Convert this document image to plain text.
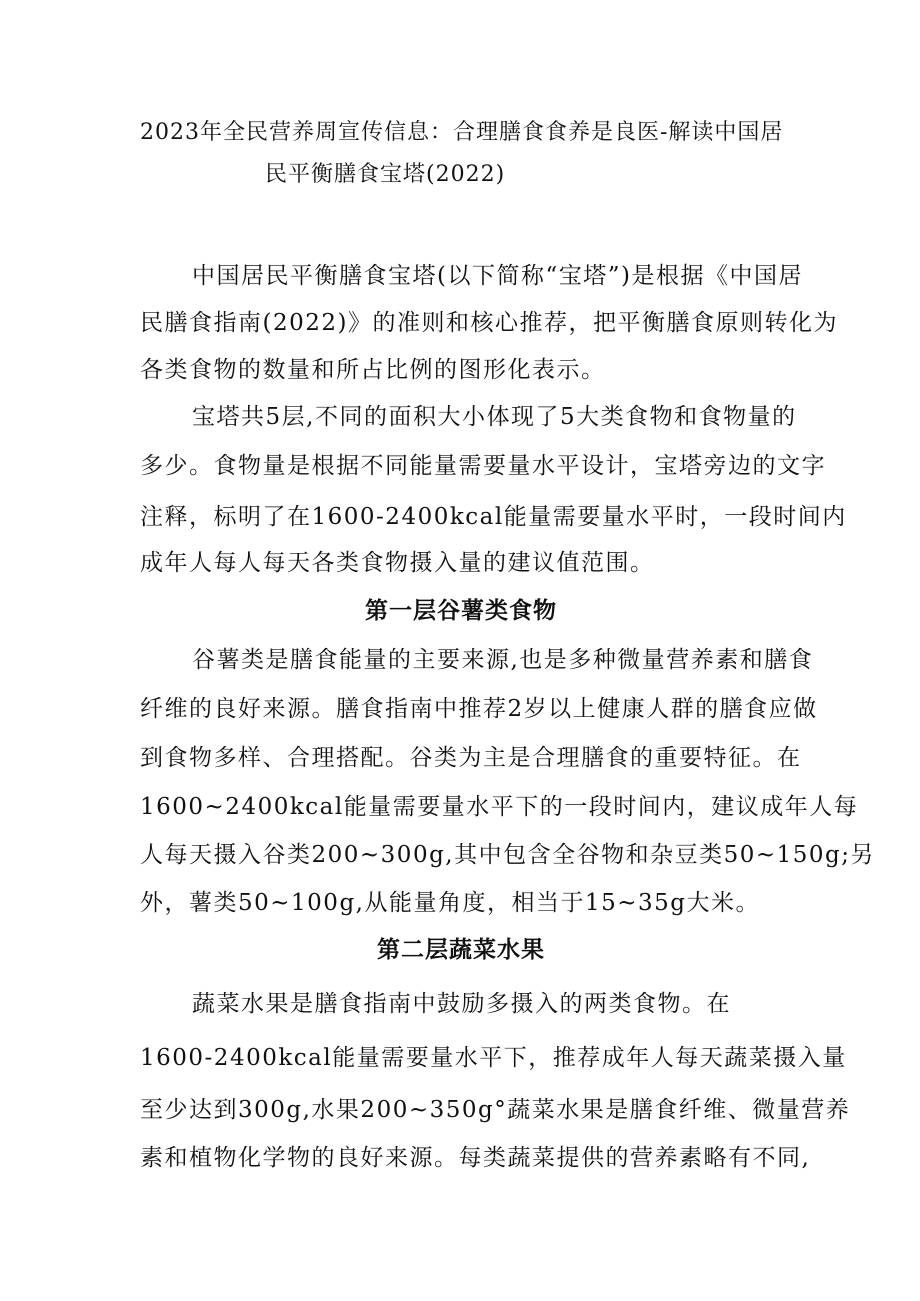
2023年全民营养周宣传信息：合理膳食食养是良医-解读中国居
民平衡膳食宝塔(2022)
中国居民平衡膳食宝塔(以下简称“宝塔”)是根据《中国居
民膳食指南(2022)》的准则和核心推荐，把平衡膳食原则转化为
各类食物的数量和所占比例的图形化表示。
宝塔共5层,不同的面积大小体现了5大类食物和食物量的
多少。食物量是根据不同能量需要量水平设计，宝塔旁边的文字
注释，标明了在1600-2400kcal能量需要量水平时，一段时间内
成年人每人每天各类食物摄入量的建议值范围。
第一层谷薯类食物
谷薯类是膳食能量的主要来源,也是多种微量营养素和膳食
纤维的良好来源。膳食指南中推荐2岁以上健康人群的膳食应做
到食物多样、合理搭配。谷类为主是合理膳食的重要特征。在
1600~2400kcal能量需要量水平下的一段时间内，建议成年人每
人每天摄入谷类200~300g,其中包含全谷物和杂豆类50~150g;另
外，薯类50~100g,从能量角度，相当于15~35g大米。
第二层蔬菜水果
蔬菜水果是膳食指南中鼓励多摄入的两类食物。在
1600-2400kcal能量需要量水平下，推荐成年人每天蔬菜摄入量
至少达到300g,水果200~350g°蔬菜水果是膳食纤维、微量营养
素和植物化学物的良好来源。每类蔬菜提供的营养素略有不同,
